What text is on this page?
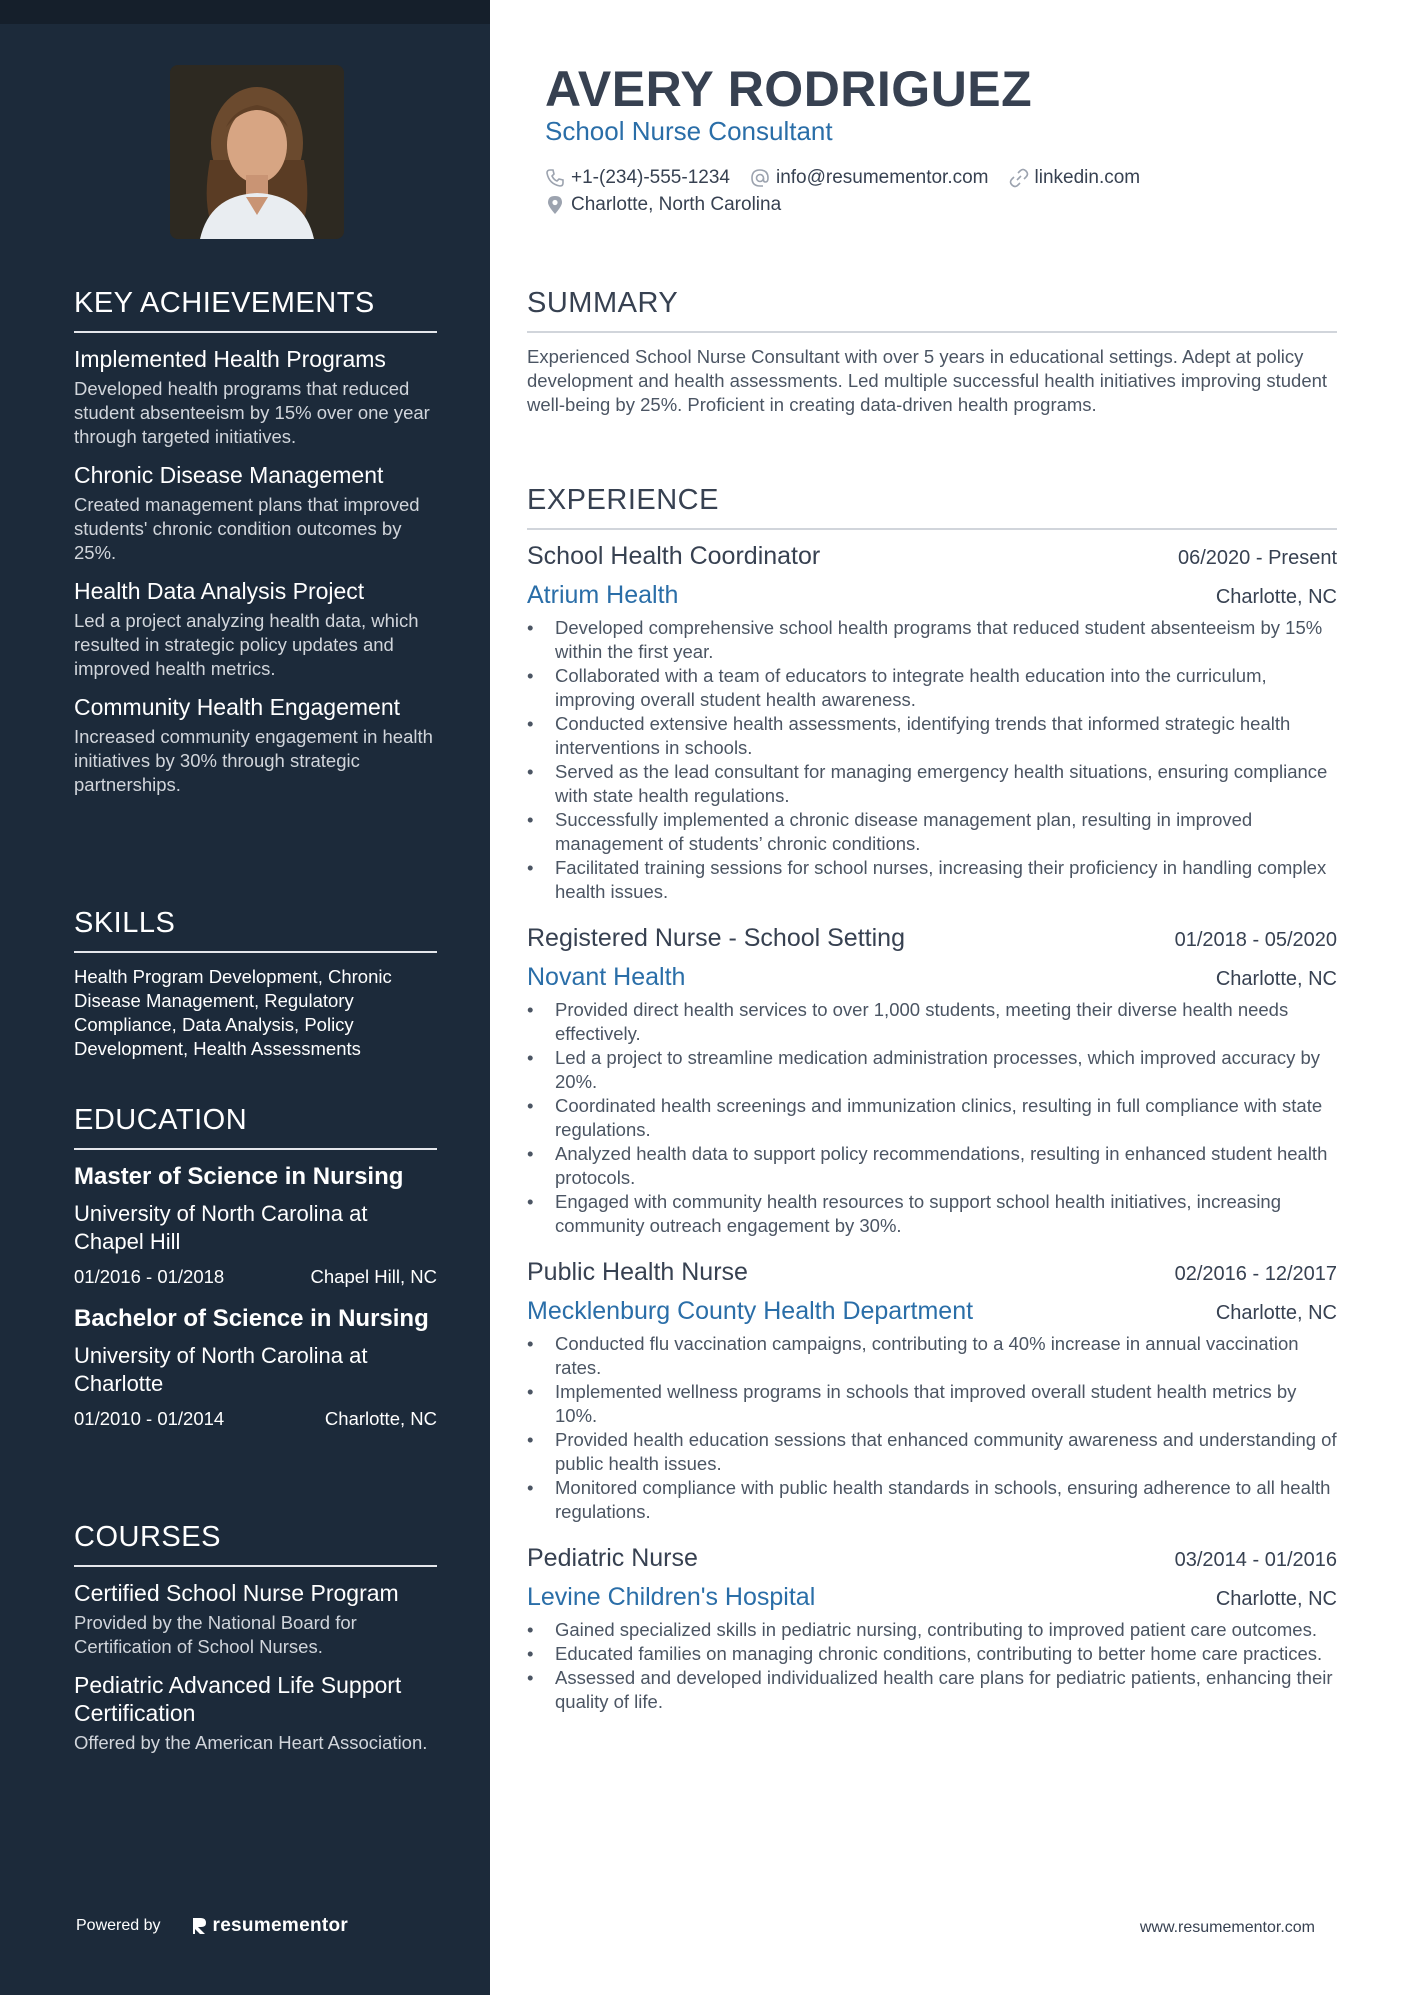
KEY ACHIEVEMENTS
Implemented Health Programs
Developed health programs that reduced student absenteeism by 15% over one year through targeted initiatives.
Chronic Disease Management
Created management plans that improved students' chronic condition outcomes by 25%.
Health Data Analysis Project
Led a project analyzing health data, which resulted in strategic policy updates and improved health metrics.
Community Health Engagement
Increased community engagement in health initiatives by 30% through strategic partnerships.
SKILLS
Health Program Development, Chronic Disease Management, Regulatory Compliance, Data Analysis, Policy Development, Health Assessments
EDUCATION
Master of Science in Nursing
University of North Carolina at Chapel Hill
01/2016 - 01/2018	Chapel Hill, NC
Bachelor of Science in Nursing
University of North Carolina at Charlotte
01/2010 - 01/2014	Charlotte, NC
COURSES
Certified School Nurse Program
Provided by the National Board for Certification of School Nurses.
Pediatric Advanced Life Support Certification
Offered by the American Heart Association.
Powered by	resumementor
AVERY RODRIGUEZ
School Nurse Consultant
+1-(234)-555-1234 info@resumementor.com linkedin.com
Charlotte, North Carolina
SUMMARY

Experienced School Nurse Consultant with over 5 years in educational settings. Adept at policy development and health assessments. Led multiple successful health initiatives improving student well-being by 25%. Proficient in creating data-driven health programs.

EXPERIENCE
School Health Coordinator	06/2020 - Present
Atrium Health	Charlotte, NC
• Developed comprehensive school health programs that reduced student absenteeism by 15% within the first year.
• Collaborated with a team of educators to integrate health education into the curriculum, improving overall student health awareness.
• Conducted extensive health assessments, identifying trends that informed strategic health interventions in schools.
• Served as the lead consultant for managing emergency health situations, ensuring compliance with state health regulations.
• Successfully implemented a chronic disease management plan, resulting in improved management of students’ chronic conditions.
• Facilitated training sessions for school nurses, increasing their proficiency in handling complex health issues.
Registered Nurse - School Setting	01/2018 - 05/2020
Novant Health	Charlotte, NC
• Provided direct health services to over 1,000 students, meeting their diverse health needs effectively.
• Led a project to streamline medication administration processes, which improved accuracy by 20%.
• Coordinated health screenings and immunization clinics, resulting in full compliance with state regulations.
• Analyzed health data to support policy recommendations, resulting in enhanced student health protocols.
• Engaged with community health resources to support school health initiatives, increasing community outreach engagement by 30%.
Public Health Nurse	02/2016 - 12/2017
Mecklenburg County Health Department	Charlotte, NC
• Conducted flu vaccination campaigns, contributing to a 40% increase in annual vaccination rates.
• Implemented wellness programs in schools that improved overall student health metrics by 10%.
• Provided health education sessions that enhanced community awareness and understanding of public health issues.
• Monitored compliance with public health standards in schools, ensuring adherence to all health regulations.
Pediatric Nurse	03/2014 - 01/2016
Levine Children's Hospital	Charlotte, NC
• Gained specialized skills in pediatric nursing, contributing to improved patient care outcomes.
• Educated families on managing chronic conditions, contributing to better home care practices.
• Assessed and developed individualized health care plans for pediatric patients, enhancing their quality of life.
www.resumementor.com
